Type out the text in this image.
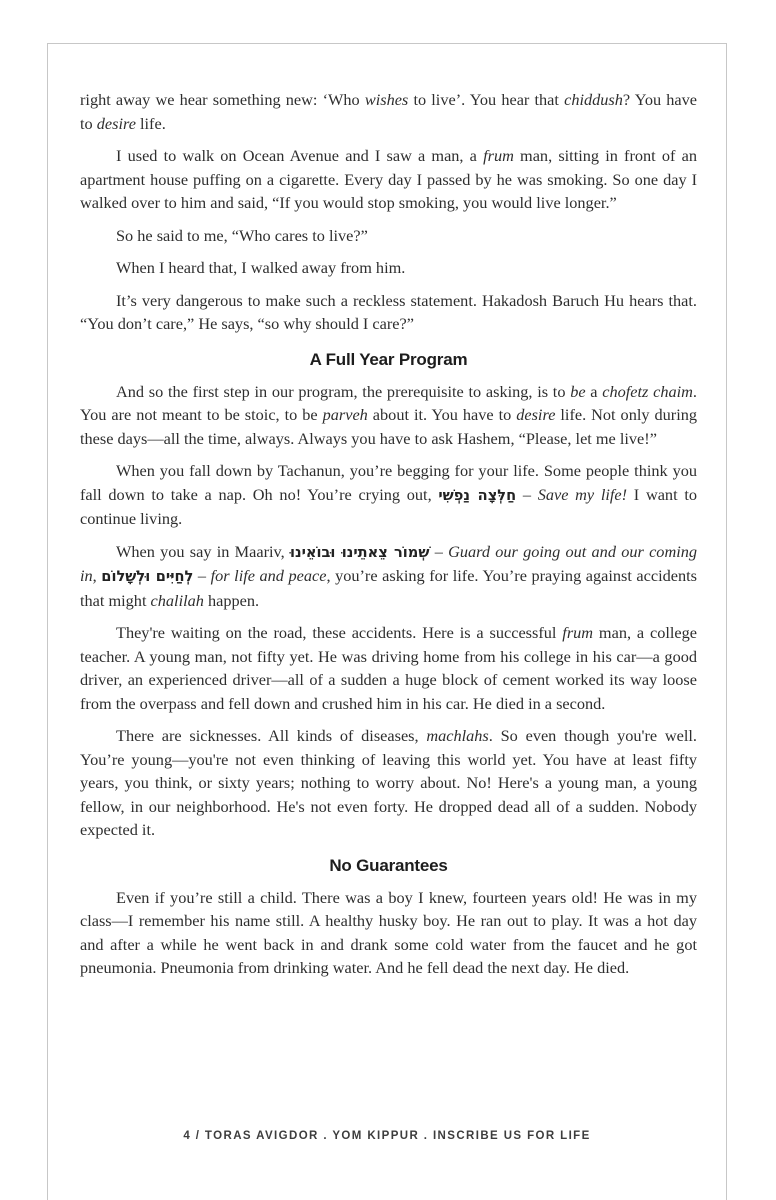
right away we hear something new: ‘Who wishes to live’. You hear that chiddush? You have to desire life.

I used to walk on Ocean Avenue and I saw a man, a frum man, sitting in front of an apartment house puffing on a cigarette. Every day I passed by he was smoking. So one day I walked over to him and said, “If you would stop smoking, you would live longer.”

So he said to me, “Who cares to live?”

When I heard that, I walked away from him.

It’s very dangerous to make such a reckless statement. Hakadosh Baruch Hu hears that. “You don’t care,” He says, “so why should I care?”

A Full Year Program

And so the first step in our program, the prerequisite to asking, is to be a chofetz chaim. You are not meant to be stoic, to be parveh about it. You have to desire life. Not only during these days—all the time, always. Always you have to ask Hashem, “Please, let me live!”

When you fall down by Tachanun, you’re begging for your life. Some people think you fall down to take a nap. Oh no! You’re crying out, חַלְּצָה נַפְשִׁי – Save my life! I want to continue living.

When you say in Maariv, שְׁמוֹר צֵאתֵינוּ וּבוֹאֵינוּ – Guard our going out and our coming in, לְחַיִּים וּלְשָׁלוֹם – for life and peace, you’re asking for life. You’re praying against accidents that might chalilah happen.

They're waiting on the road, these accidents. Here is a successful frum man, a college teacher. A young man, not fifty yet. He was driving home from his college in his car—a good driver, an experienced driver—all of a sudden a huge block of cement worked its way loose from the overpass and fell down and crushed him in his car. He died in a second.

There are sicknesses. All kinds of diseases, machlahs. So even though you're well. You’re young—you're not even thinking of leaving this world yet. You have at least fifty years, you think, or sixty years; nothing to worry about. No! Here's a young man, a young fellow, in our neighborhood. He's not even forty. He dropped dead all of a sudden. Nobody expected it.

No Guarantees

Even if you’re still a child. There was a boy I knew, fourteen years old! He was in my class—I remember his name still. A healthy husky boy. He ran out to play. It was a hot day and after a while he went back in and drank some cold water from the faucet and he got pneumonia. Pneumonia from drinking water. And he fell dead the next day. He died.

4 / TORAS AVIGDOR . YOM KIPPUR . INSCRIBE US FOR LIFE
